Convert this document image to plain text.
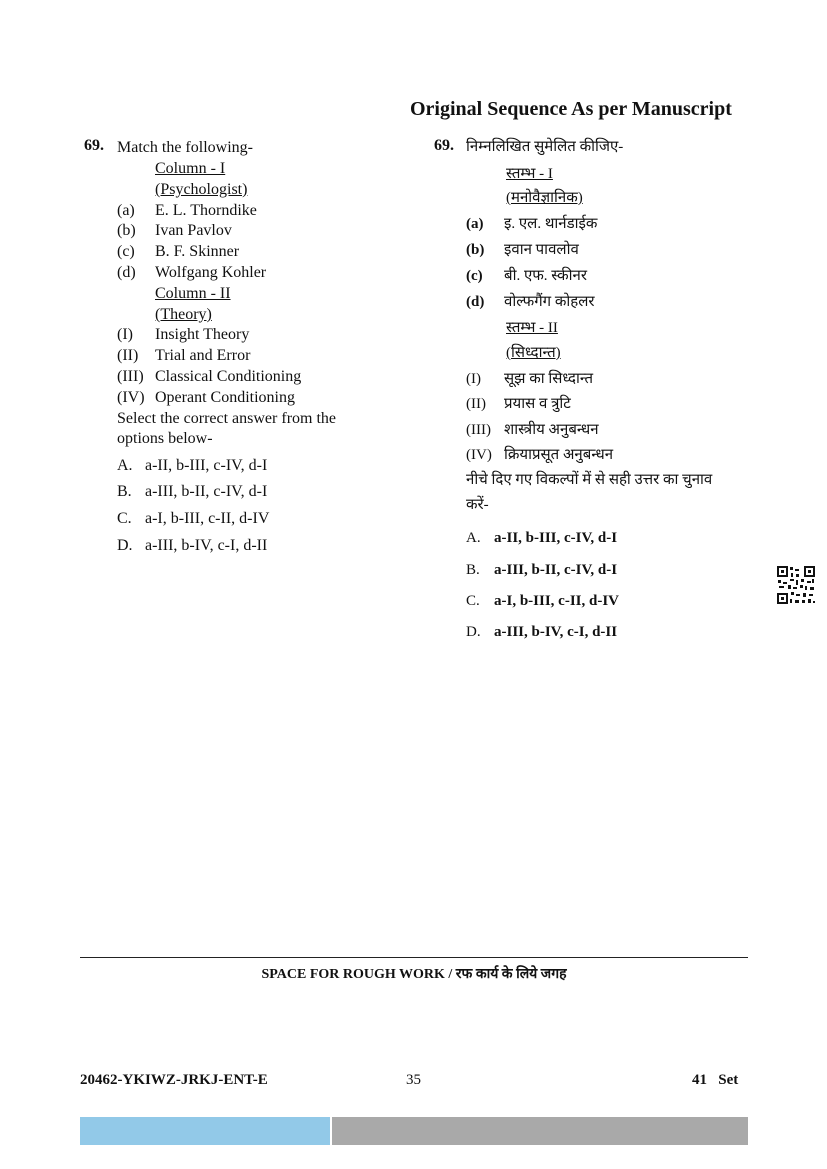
Original Sequence As per Manuscript
69. Match the following-
Column - I
(Psychologist)
(a) E. L. Thorndike
(b) Ivan Pavlov
(c) B. F. Skinner
(d) Wolfgang Kohler
Column - II
(Theory)
(I) Insight Theory
(II) Trial and Error
(III) Classical Conditioning
(IV) Operant Conditioning
Select the correct answer from the
options below-
A. a-II, b-III, c-IV, d-I
B. a-III, b-II, c-IV, d-I
C. a-I, b-III, c-II, d-IV
D. a-III, b-IV, c-I, d-II
69. निम्नलिखित सुमेलित कीजिए-
स्तम्भ - I
(मनोवैज्ञानिक)
(a) इ. एल. थार्नडाईक
(b) इवान पावलोव
(c) बी. एफ. स्कीनर
(d) वोल्फगैंग कोहलर
स्तम्भ - II
(सिध्दान्त)
(I) सूझ का सिध्दान्त
(II) प्रयास व त्रुटि
(III) शास्त्रीय अनुबन्धन
(IV) क्रियाप्रसूत अनुबन्धन
नीचे दिए गए विकल्पों में से सही उत्तर का चुनाव
करें-
A. a-II, b-III, c-IV, d-I
B. a-III, b-II, c-IV, d-I
C. a-I, b-III, c-II, d-IV
D. a-III, b-IV, c-I, d-II
SPACE FOR ROUGH WORK / रफ कार्य के लिये जगह
20462-YKIWZ-JRKJ-ENT-E	35	41   Set
